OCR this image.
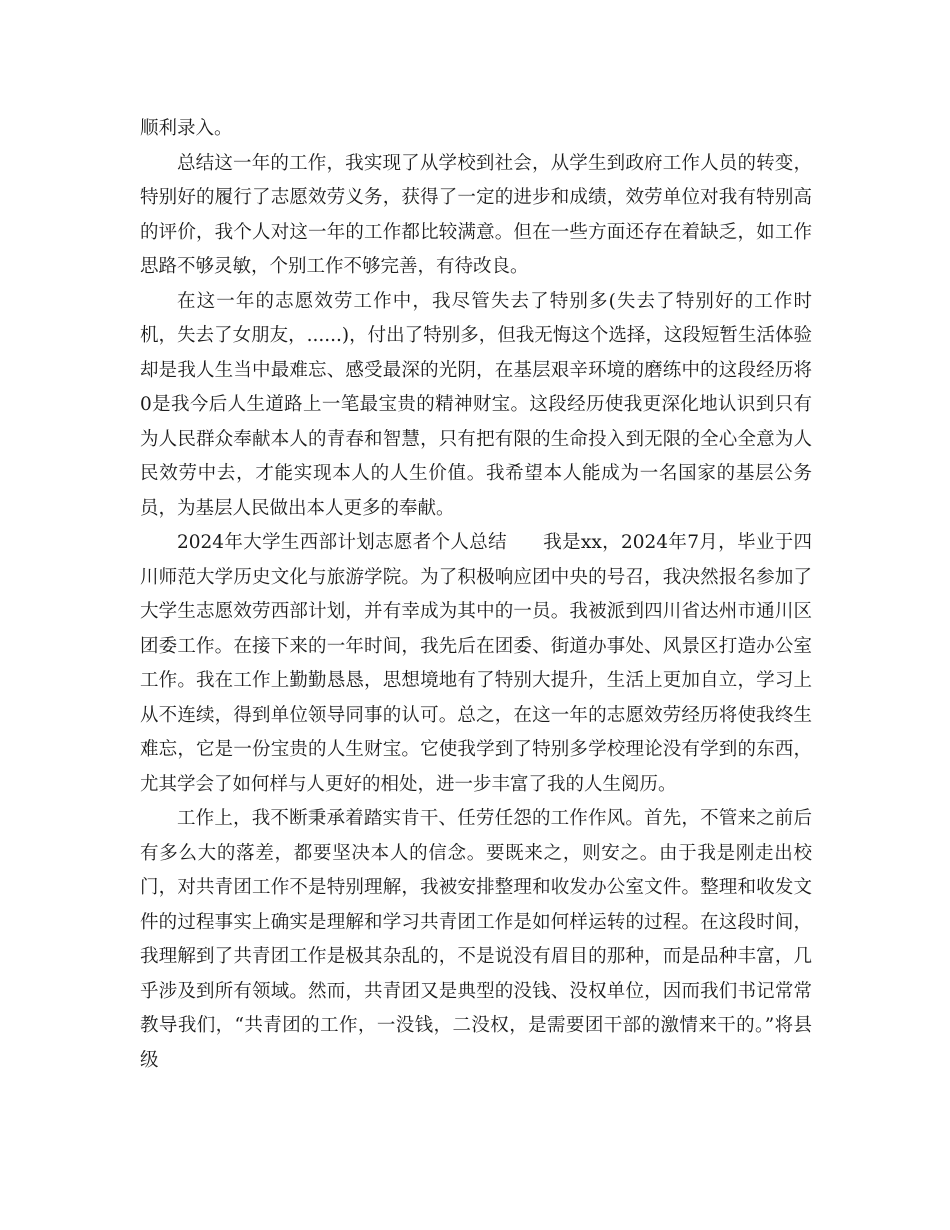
顺利录入。

总结这一年的工作，我实现了从学校到社会，从学生到政府工作人员的转变，特别好的履行了志愿效劳义务，获得了一定的进步和成绩，效劳单位对我有特别高的评价，我个人对这一年的工作都比较满意。但在一些方面还存在着缺乏，如工作思路不够灵敏，个别工作不够完善，有待改良。

在这一年的志愿效劳工作中，我尽管失去了特别多(失去了特别好的工作时机，失去了女朋友，......)，付出了特别多，但我无悔这个选择，这段短暂生活体验却是我人生当中最难忘、感受最深的光阴，在基层艰辛环境的磨练中的这段经历将0是我今后人生道路上一笔最宝贵的精神财宝。这段经历使我更深化地认识到只有为人民群众奉献本人的青春和智慧，只有把有限的生命投入到无限的全心全意为人民效劳中去，才能实现本人的人生价值。我希望本人能成为一名国家的基层公务员，为基层人民做出本人更多的奉献。

2024年大学生西部计划志愿者个人总结 我是xx，2024年7月，毕业于四川师范大学历史文化与旅游学院。为了积极响应团中央的号召，我决然报名参加了大学生志愿效劳西部计划，并有幸成为其中的一员。我被派到四川省达州市通川区团委工作。在接下来的一年时间，我先后在团委、街道办事处、风景区打造办公室工作。我在工作上勤勤恳恳，思想境地有了特别大提升，生活上更加自立，学习上从不连续，得到单位领导同事的认可。总之，在这一年的志愿效劳经历将使我终生难忘，它是一份宝贵的人生财宝。它使我学到了特别多学校理论没有学到的东西，尤其学会了如何样与人更好的相处，进一步丰富了我的人生阅历。

工作上，我不断秉承着踏实肯干、任劳任怨的工作作风。首先，不管来之前后有多么大的落差，都要坚决本人的信念。要既来之，则安之。由于我是刚走出校门，对共青团工作不是特别理解，我被安排整理和收发办公室文件。整理和收发文件的过程事实上确实是理解和学习共青团工作是如何样运转的过程。在这段时间，我理解到了共青团工作是极其杂乱的，不是说没有眉目的那种，而是品种丰富，几乎涉及到所有领域。然而，共青团又是典型的没钱、没权单位，因而我们书记常常教导我们，“共青团的工作，一没钱，二没权，是需要团干部的激情来干的。”将县级
